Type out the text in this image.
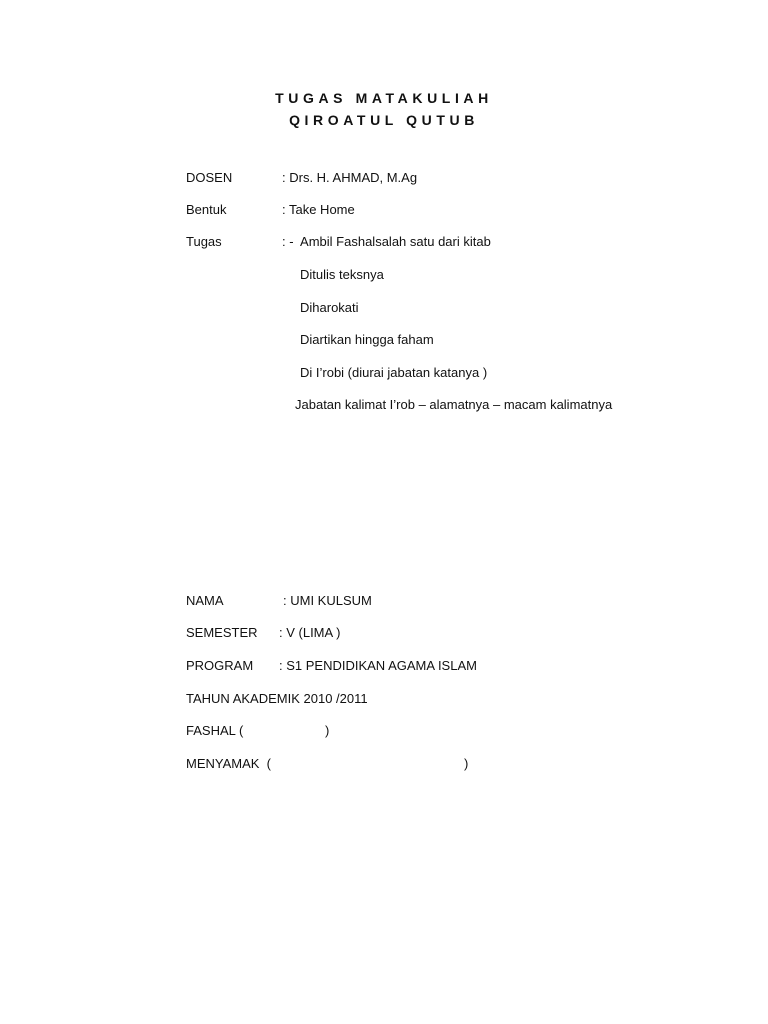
TUGAS MATAKULIAH
QIROATUL QUTUB
DOSEN	: Drs. H. AHMAD, M.Ag
Bentuk	: Take Home
Tugas	: -  Ambil Fashalsalah satu dari kitab
Ditulis teksnya
Diharokati
Diartikan hingga faham
Di I’robi (diurai jabatan katanya )
Jabatan kalimat I’rob – alamatnya – macam kalimatnya
NAMA	: UMI KULSUM
SEMESTER : V (LIMA )
PROGRAM : S1 PENDIDIKAN AGAMA ISLAM
TAHUN AKADEMIK 2010 /2011
FASHAL (	)
MENYAMAK  (	)
